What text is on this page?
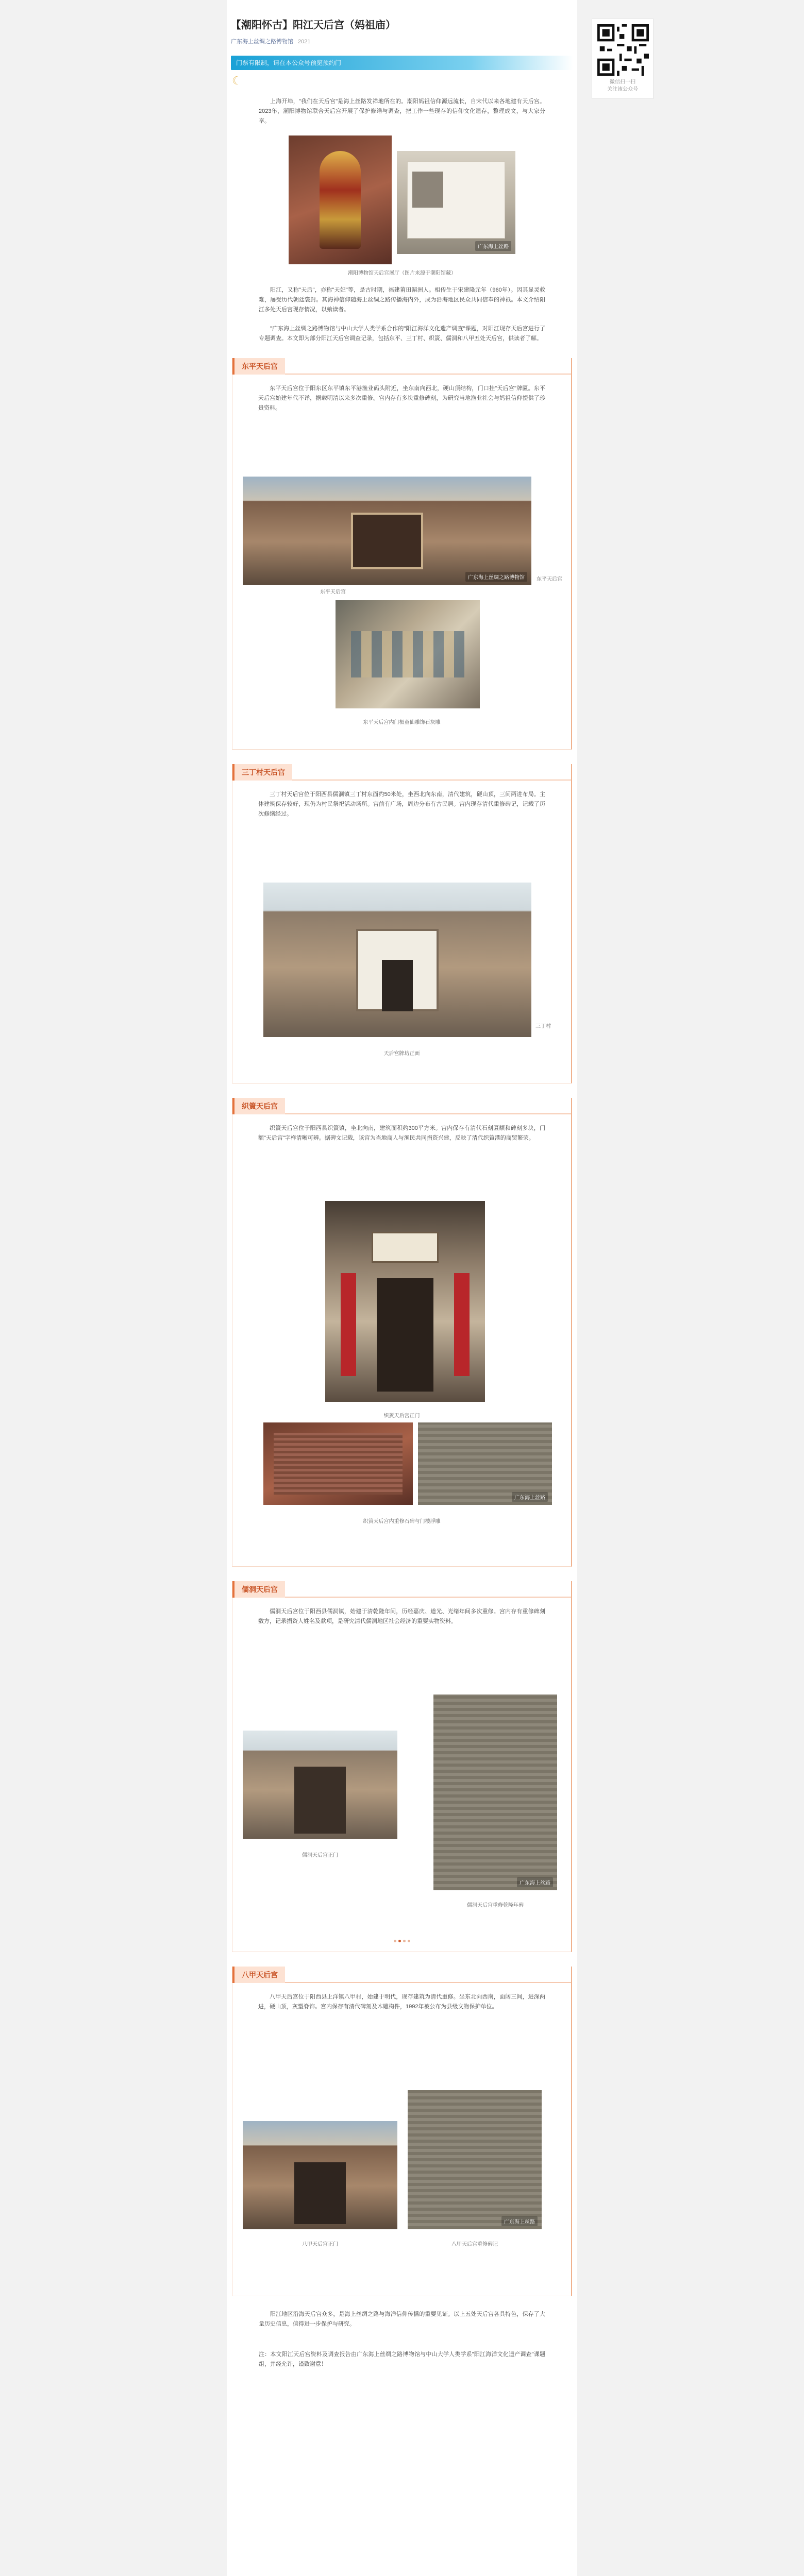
微信扫一扫
关注该公众号
【潮阳怀古】阳江天后宫（妈祖庙）
广东海上丝绸之路博物馆 2021
门票有限制，请在本公众号预览预约门
☾

上海开埠，"我们在天后宫"是海上丝路发祥地所在的。潮阳妈祖信仰源远流长，自宋代以来各地建有天后宫。2023年，潮阳博物馆联合天后宫开展了保护修缮与调查，把工作一些现存的信仰文化遗存，整理成文，与大家分享。

广东海上丝路
潮阳博物馆天后宫展厅（图片来源于潮阳馆藏）

阳江，又称"天后"，亦称"天妃"等，是古时期，福建莆田湄洲人。相传生于宋建隆元年（960年）。因其显灵救难，屡受历代朝廷褒封。其海神信仰随海上丝绸之路传播海内外，成为沿海地区民众共同信奉的神祇。本文介绍阳江多处天后宫现存情况，以飨读者。

"广东海上丝绸之路博物馆与中山大学人类学系合作的"阳江海洋文化遗产调查"课题，对阳江现存天后宫进行了专题调查。本文即为部分阳江天后宫调查记录，包括东平、三丁村、织篢、儒洞和八甲五处天后宫，供读者了解。

东平天后宫

东平天后宫位于阳东区东平镇东平港渔业码头附近，坐东南向西北，硬山顶结构，门口挂"天后宫"牌匾。东平天后宫始建年代不详，据载明清以来多次重修。宫内存有多块重修碑刻，为研究当地渔业社会与妈祖信仰提供了珍贵资料。

广东海上丝绸之路博物馆	东平天后宫
东平天后宫
东平天后宫内门楣童仙雕饰石灰雕
三丁村天后宫

三丁村天后宫位于阳西县儒洞镇三丁村东面约50米处，坐西北向东南，清代建筑，硬山顶，三间两进布局。主体建筑保存较好，现仍为村民祭祀活动场所。宫前有广场，周边分布有古民居。宫内现存清代重修碑记，记载了历次修缮经过。

三丁村
天后宫牌坊正面
织篢天后宫

织篢天后宫位于阳西县织篢镇，坐北向南，建筑面积约300平方米。宫内保存有清代石刻匾额和碑刻多块，门额"天后宫"字样清晰可辨。据碑文记载，该宫为当地商人与渔民共同捐资兴建，反映了清代织篢港的商贸繁荣。

织篢天后宫正门
广东海上丝路
织篢天后宫内重修石碑与门楼浮雕
儒洞天后宫

儒洞天后宫位于阳西县儒洞镇，始建于清乾隆年间，历经嘉庆、道光、光绪年间多次重修。宫内存有重修碑刻数方，记录捐资人姓名及款项，是研究清代儒洞地区社会经济的重要实物资料。

儒洞天后宫正门
广东海上丝路
儒洞天后宫重修乾隆年碑
八甲天后宫

八甲天后宫位于阳西县上洋镇八甲村，始建于明代，现存建筑为清代重修。坐东北向西南，面阔三间，进深两进，硬山顶，灰塑脊饰。宫内保存有清代碑刻及木雕构件，1992年被公布为县级文物保护单位。

八甲天后宫正门
广东海上丝路
八甲天后宫重修碑记

阳江地区沿海天后宫众多，是海上丝绸之路与海洋信仰传播的重要见证。以上五处天后宫各具特色，保存了大量历史信息，值得进一步保护与研究。

注：本文阳江天后宫资料及调查报告由广东海上丝绸之路博物馆与中山大学人类学系"阳江海洋文化遗产调查"课题组，并经允许，谨致谢意！
